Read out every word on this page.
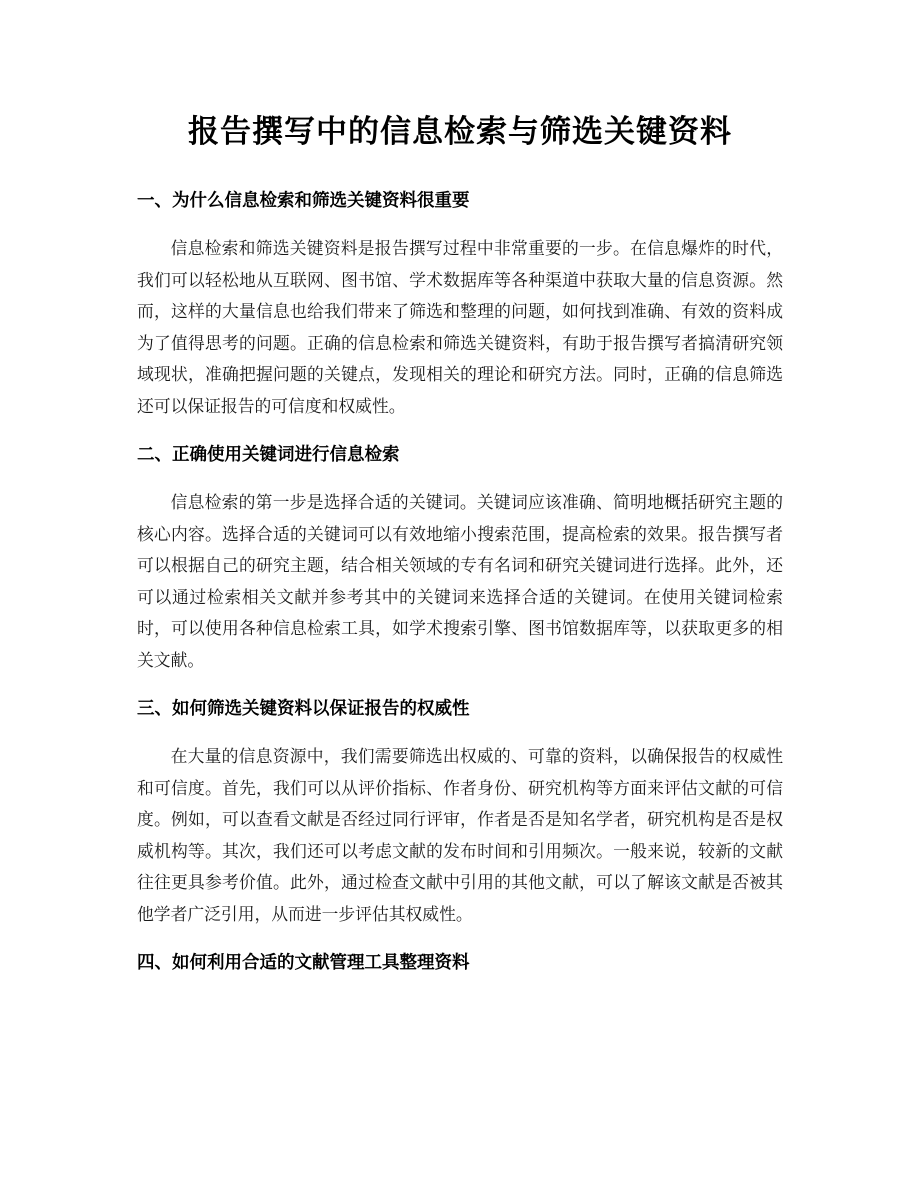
报告撰写中的信息检索与筛选关键资料
一、为什么信息检索和筛选关键资料很重要

信息检索和筛选关键资料是报告撰写过程中非常重要的一步。在信息爆炸的时代，我们可以轻松地从互联网、图书馆、学术数据库等各种渠道中获取大量的信息资源。然而，这样的大量信息也给我们带来了筛选和整理的问题，如何找到准确、有效的资料成为了值得思考的问题。正确的信息检索和筛选关键资料，有助于报告撰写者搞清研究领域现状，准确把握问题的关键点，发现相关的理论和研究方法。同时，正确的信息筛选还可以保证报告的可信度和权威性。

二、正确使用关键词进行信息检索

信息检索的第一步是选择合适的关键词。关键词应该准确、简明地概括研究主题的核心内容。选择合适的关键词可以有效地缩小搜索范围，提高检索的效果。报告撰写者可以根据自己的研究主题，结合相关领域的专有名词和研究关键词进行选择。此外，还可以通过检索相关文献并参考其中的关键词来选择合适的关键词。在使用关键词检索时，可以使用各种信息检索工具，如学术搜索引擎、图书馆数据库等，以获取更多的相关文献。

三、如何筛选关键资料以保证报告的权威性

在大量的信息资源中，我们需要筛选出权威的、可靠的资料，以确保报告的权威性和可信度。首先，我们可以从评价指标、作者身份、研究机构等方面来评估文献的可信度。例如，可以查看文献是否经过同行评审，作者是否是知名学者，研究机构是否是权威机构等。其次，我们还可以考虑文献的发布时间和引用频次。一般来说，较新的文献往往更具参考价值。此外，通过检查文献中引用的其他文献，可以了解该文献是否被其他学者广泛引用，从而进一步评估其权威性。

四、如何利用合适的文献管理工具整理资料
